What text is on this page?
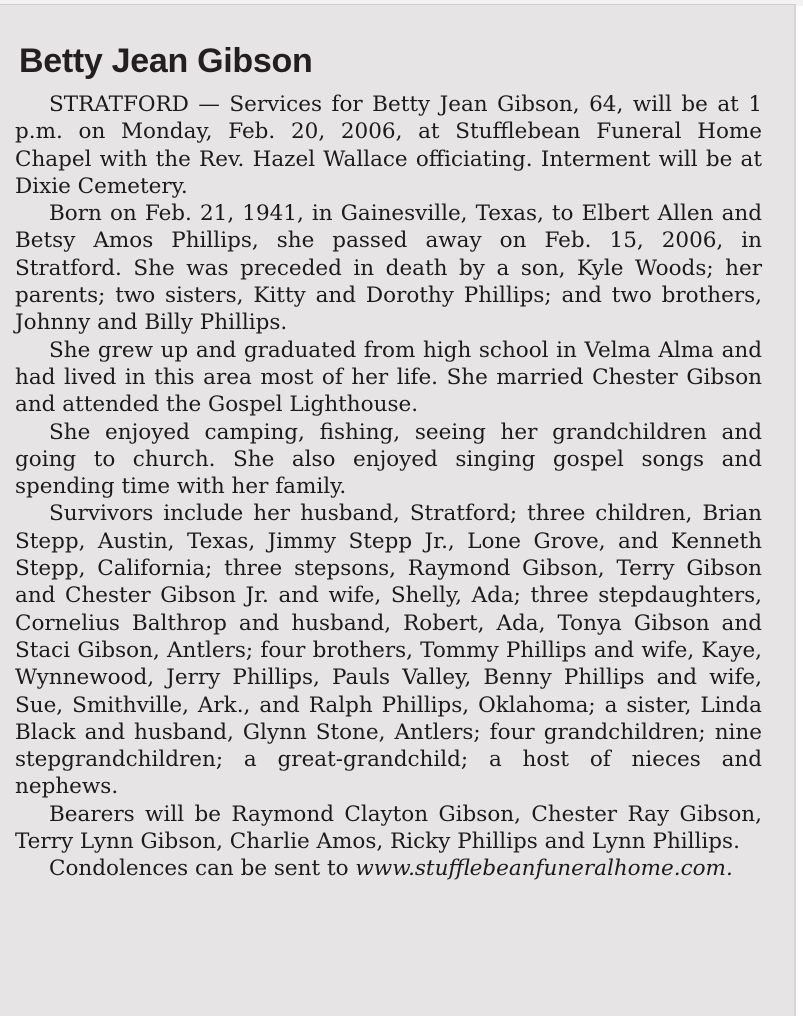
Betty Jean Gibson

STRATFORD — Services for Betty Jean Gibson, 64, will be at 1 p.m. on Monday, Feb. 20, 2006, at Stufflebean Funeral Home Chapel with the Rev. Hazel Wallace officiating. Interment will be at Dixie Cemetery.

Born on Feb. 21, 1941, in Gainesville, Texas, to Elbert Allen and Betsy Amos Phillips, she passed away on Feb. 15, 2006, in Stratford. She was preceded in death by a son, Kyle Woods; her parents; two sisters, Kitty and Dorothy Phillips; and two brothers, Johnny and Billy Phillips.

She grew up and graduated from high school in Velma Alma and had lived in this area most of her life. She married Chester Gibson and attended the Gospel Lighthouse.

She enjoyed camping, fishing, seeing her grandchildren and going to church. She also enjoyed singing gospel songs and spending time with her family.

Survivors include her husband, Stratford; three children, Brian Stepp, Austin, Texas, Jimmy Stepp Jr., Lone Grove, and Kenneth Stepp, California; three stepsons, Raymond Gibson, Terry Gibson and Chester Gibson Jr. and wife, Shelly, Ada; three stepdaughters, Cornelius Balthrop and husband, Robert, Ada, Tonya Gibson and Staci Gibson, Antlers; four brothers, Tommy Phillips and wife, Kaye, Wynnewood, Jerry Phillips, Pauls Valley, Benny Phillips and wife, Sue, Smithville, Ark., and Ralph Phillips, Oklahoma; a sister, Linda Black and husband, Glynn Stone, Antlers; four grandchildren; nine stepgrandchildren; a great-grandchild; a host of nieces and nephews.

Bearers will be Raymond Clayton Gibson, Chester Ray Gibson, Terry Lynn Gibson, Charlie Amos, Ricky Phillips and Lynn Phillips.

Condolences can be sent to www.stufflebeanfuneralhome.com.
